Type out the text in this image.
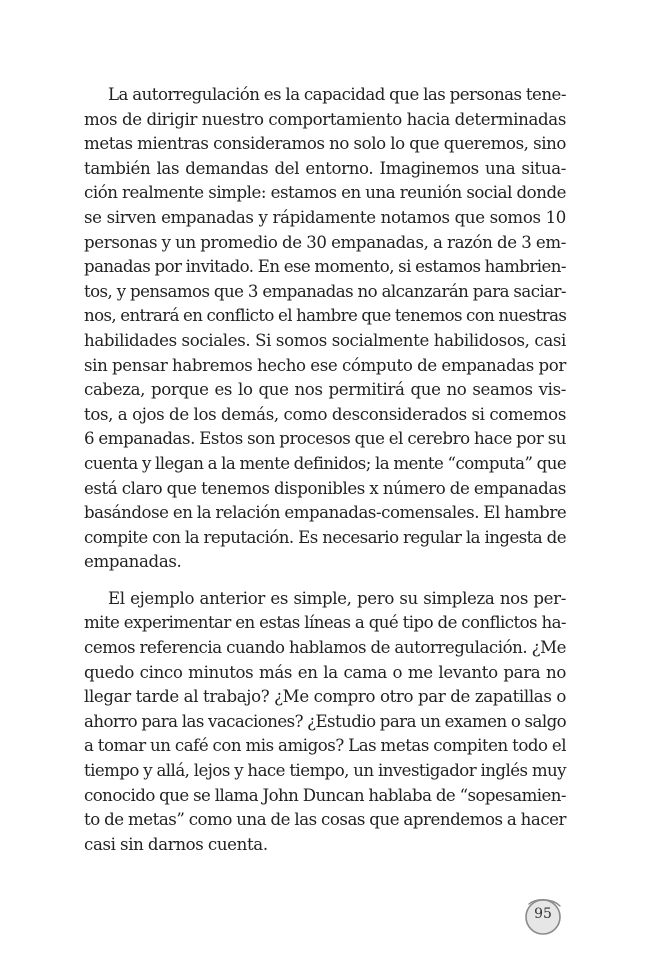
La autorregulación es la capacidad que las personas tene-
mos de dirigir nuestro comportamiento hacia determinadas
metas mientras consideramos no solo lo que queremos, sino
también las demandas del entorno. Imaginemos una situa-
ción realmente simple: estamos en una reunión social donde
se sirven empanadas y rápidamente notamos que somos 10
personas y un promedio de 30 empanadas, a razón de 3 em-
panadas por invitado. En ese momento, si estamos hambrien-
tos, y pensamos que 3 empanadas no alcanzarán para saciar-
nos, entrará en conflicto el hambre que tenemos con nuestras
habilidades sociales. Si somos socialmente habilidosos, casi
sin pensar habremos hecho ese cómputo de empanadas por
cabeza, porque es lo que nos permitirá que no seamos vis-
tos, a ojos de los demás, como desconsiderados si comemos
6 empanadas. Estos son procesos que el cerebro hace por su
cuenta y llegan a la mente definidos; la mente “computa” que
está claro que tenemos disponibles x número de empanadas
basándose en la relación empanadas-comensales. El hambre
compite con la reputación. Es necesario regular la ingesta de
empanadas.
El ejemplo anterior es simple, pero su simpleza nos per-
mite experimentar en estas líneas a qué tipo de conflictos ha-
cemos referencia cuando hablamos de autorregulación. ¿Me
quedo cinco minutos más en la cama o me levanto para no
llegar tarde al trabajo? ¿Me compro otro par de zapatillas o
ahorro para las vacaciones? ¿Estudio para un examen o salgo
a tomar un café con mis amigos? Las metas compiten todo el
tiempo y allá, lejos y hace tiempo, un investigador inglés muy
conocido que se llama John Duncan hablaba de “sopesamien-
to de metas” como una de las cosas que aprendemos a hacer
casi sin darnos cuenta.
95
